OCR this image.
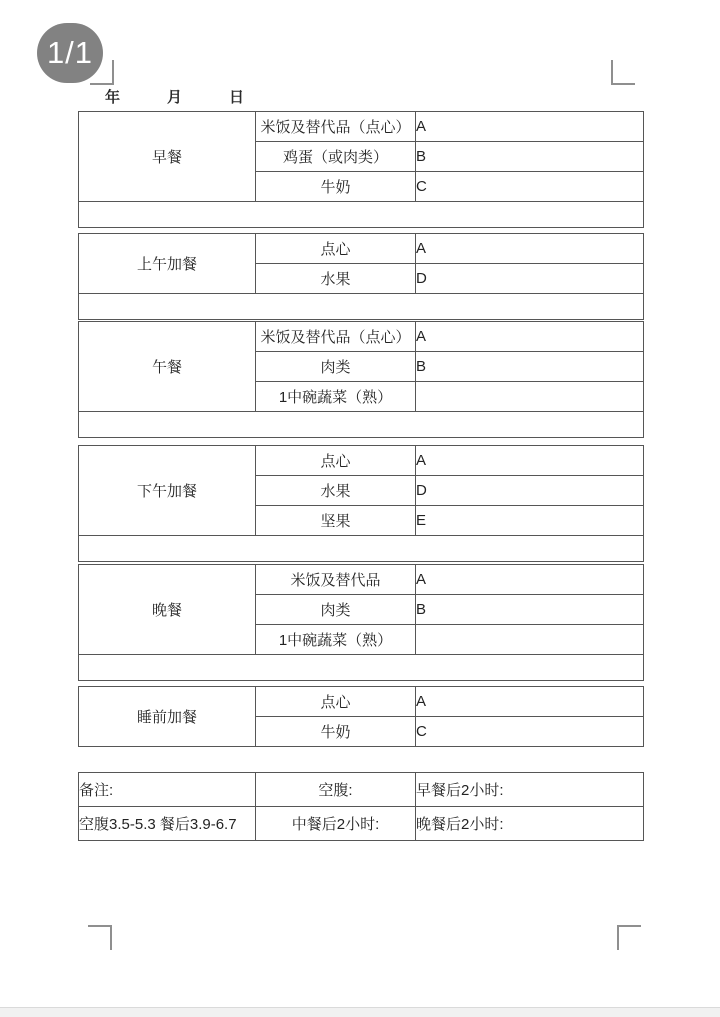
1/1
年	月	日
早餐	米饭及替代品（点心）	A
	鸡蛋（或肉类）	B
	牛奶	C

上午加餐	点心	A
	水果	D

午餐	米饭及替代品（点心）	A
	肉类	B
	1中碗蔬菜（熟）	

下午加餐	点心	A
	水果	D
	坚果	E

晚餐	米饭及替代品	A
	肉类	B
	1中碗蔬菜（熟）	

睡前加餐	点心	A
	牛奶	C
备注:	空腹:	早餐后2小时:
空腹3.5-5.3 餐后3.9-6.7	中餐后2小时:	晚餐后2小时:
